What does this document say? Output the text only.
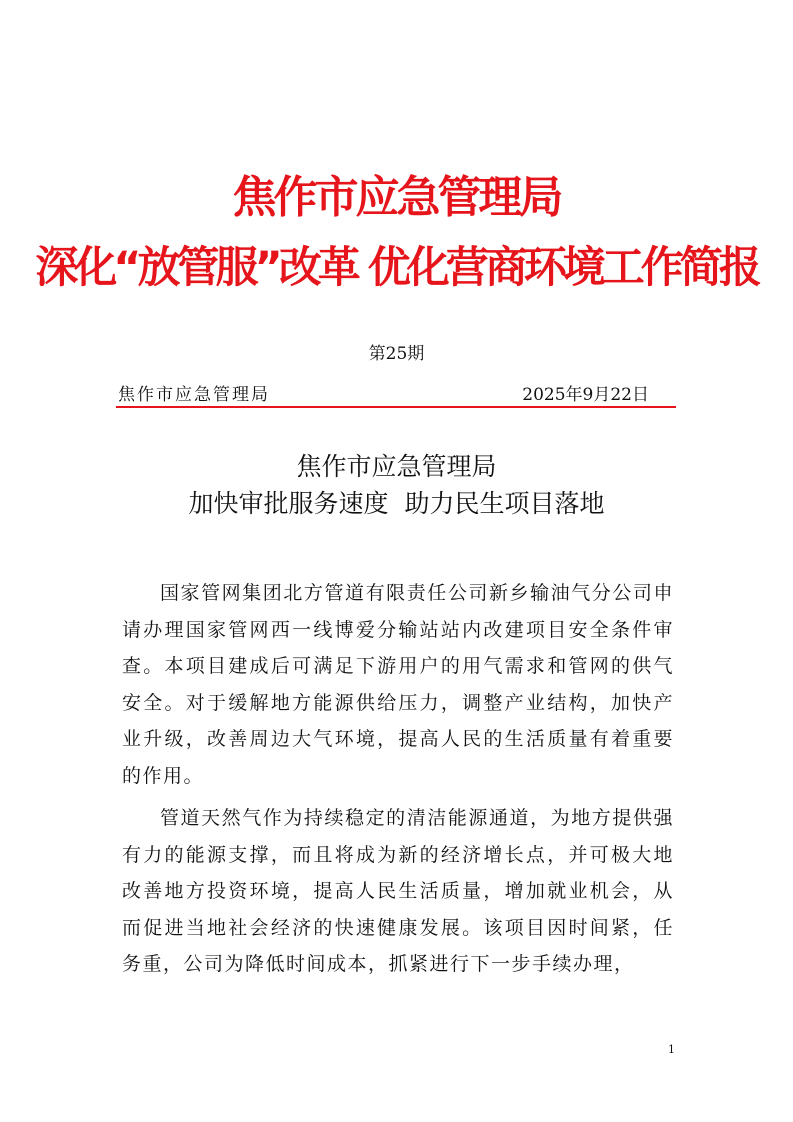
焦作市应急管理局
深化“放管服”改革 优化营商环境工作简报
第25期
焦作市应急管理局	2025年9月22日
焦作市应急管理局
加快审批服务速度  助力民生项目落地

国家管网集团北方管道有限责任公司新乡输油气分公司申请办理国家管网西一线博爱分输站站内改建项目安全条件审查。本项目建成后可满足下游用户的用气需求和管网的供气安全。对于缓解地方能源供给压力，调整产业结构，加快产业升级，改善周边大气环境，提高人民的生活质量有着重要的作用。

管道天然气作为持续稳定的清洁能源通道，为地方提供强有力的能源支撑，而且将成为新的经济增长点，并可极大地改善地方投资环境，提高人民生活质量，增加就业机会，从而促进当地社会经济的快速健康发展。该项目因时间紧，任务重，公司为降低时间成本，抓紧进行下一步手续办理，

1
